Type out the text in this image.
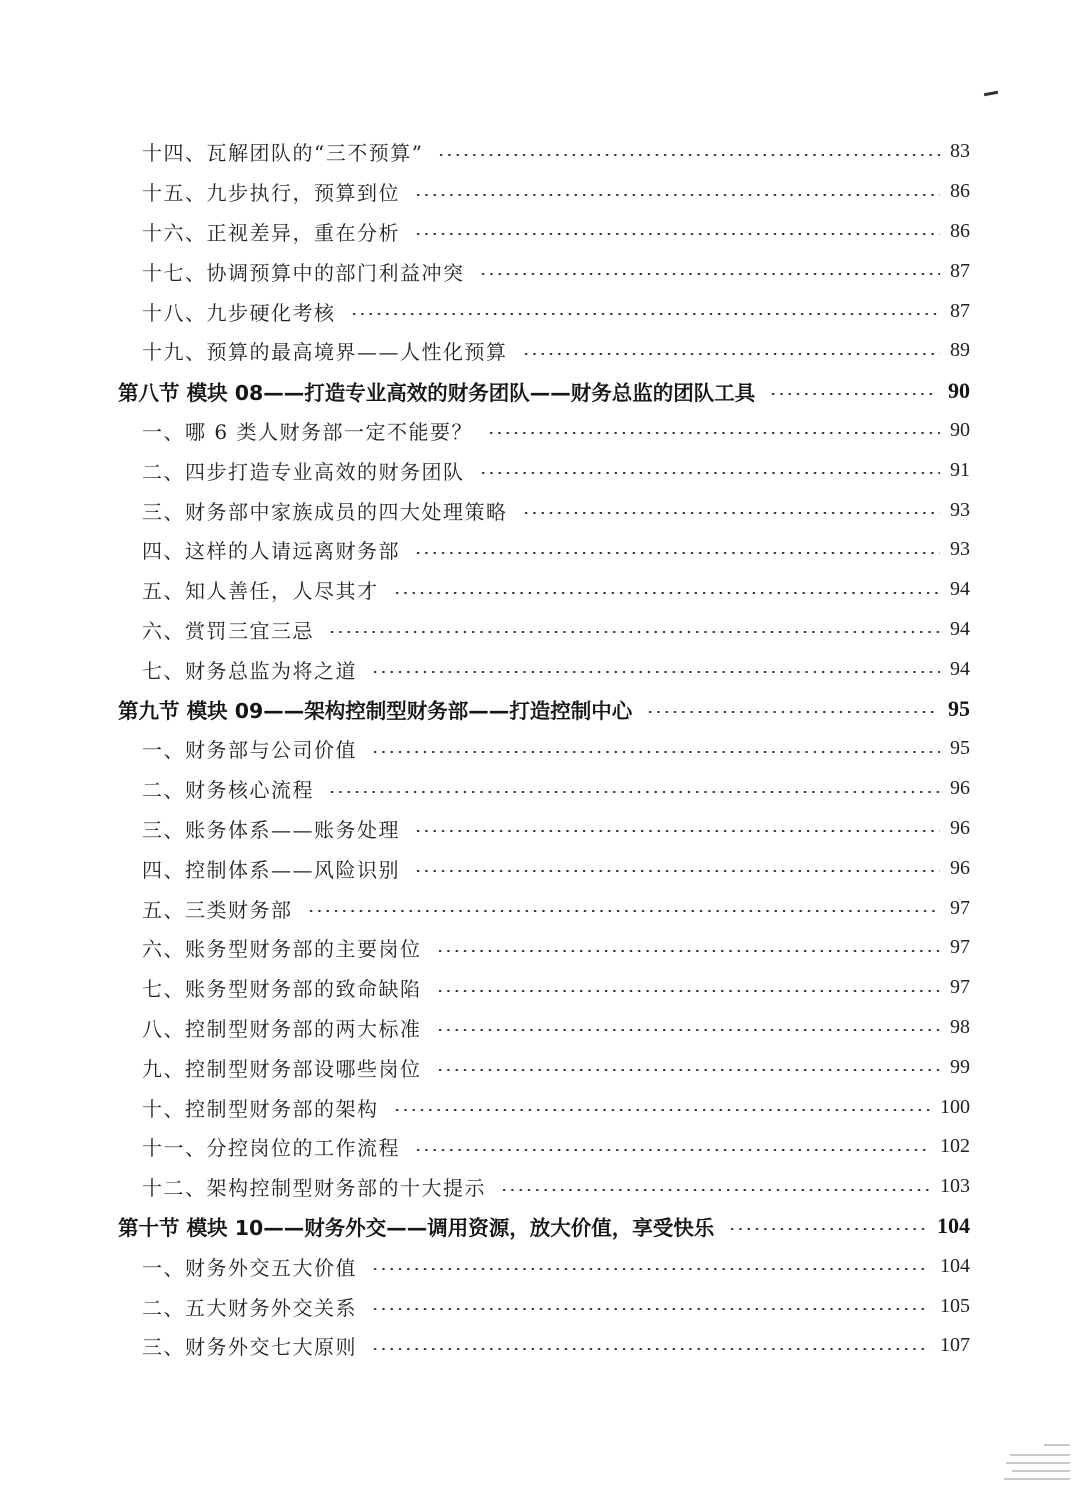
十四、瓦解团队的“三不预算”	83
十五、九步执行，预算到位	86
十六、正视差异，重在分析	86
十七、协调预算中的部门利益冲突	87
十八、九步硬化考核	87
十九、预算的最高境界——人性化预算	89
第八节 模块 08——打造专业高效的财务团队——财务总监的团队工具	90
一、哪 6 类人财务部一定不能要？	90
二、四步打造专业高效的财务团队	91
三、财务部中家族成员的四大处理策略	93
四、这样的人请远离财务部	93
五、知人善任，人尽其才	94
六、赏罚三宜三忌	94
七、财务总监为将之道	94
第九节 模块 09——架构控制型财务部——打造控制中心	95
一、财务部与公司价值	95
二、财务核心流程	96
三、账务体系——账务处理	96
四、控制体系——风险识别	96
五、三类财务部	97
六、账务型财务部的主要岗位	97
七、账务型财务部的致命缺陷	97
八、控制型财务部的两大标准	98
九、控制型财务部设哪些岗位	99
十、控制型财务部的架构	100
十一、分控岗位的工作流程	102
十二、架构控制型财务部的十大提示	103
第十节 模块 10——财务外交——调用资源，放大价值，享受快乐	104
一、财务外交五大价值	104
二、五大财务外交关系	105
三、财务外交七大原则	107
